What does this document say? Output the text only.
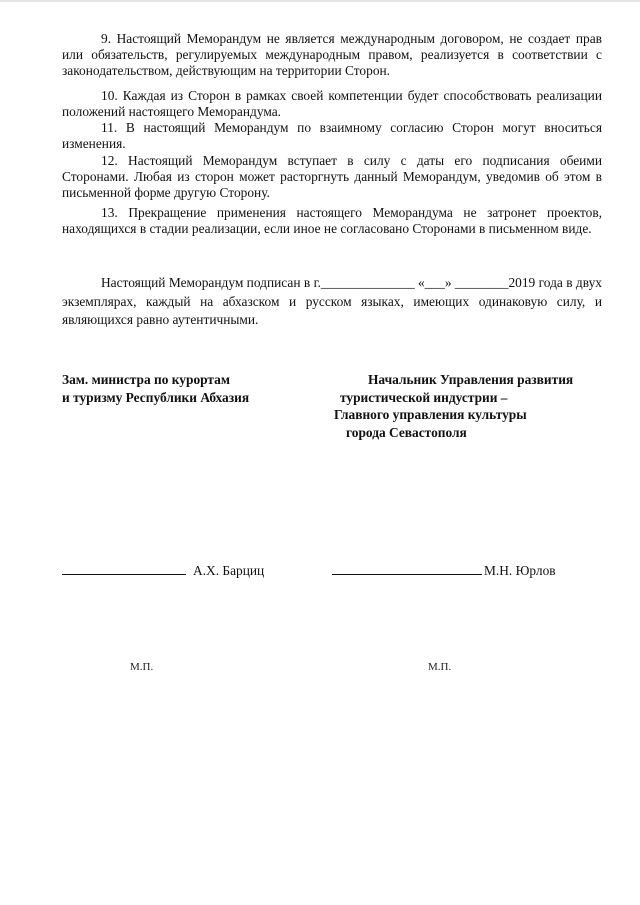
9. Настоящий Меморандум не является международным договором, не создает прав или обязательств, регулируемых международным правом, реализуется в соответствии с законодательством, действующим на территории Сторон.

10. Каждая из Сторон в рамках своей компетенции будет способствовать реализации положений настоящего Меморандума.

11. В настоящий Меморандум по взаимному согласию Сторон могут вноситься изменения.

12. Настоящий Меморандум вступает в силу с даты его подписания обеими Сторонами. Любая из сторон может расторгнуть данный Меморандум, уведомив об этом в письменной форме другую Сторону.

13. Прекращение применения настоящего Меморандума не затронет проектов, находящихся в стадии реализации, если иное не согласовано Сторонами в письменном виде.

Настоящий Меморандум подписан в г.______________ «___» ________2019 года в двух экземплярах, каждый на абхазском и русском языках, имеющих одинаковую силу, и являющихся равно аутентичными.

Зам. министра по курортам
и туризму Республики Абхазия
Начальник Управления развития
туристической индустрии –
Главного управления культуры
города Севастополя
А.Х. Барциц	М.Н. Юрлов
М.П.	М.П.
